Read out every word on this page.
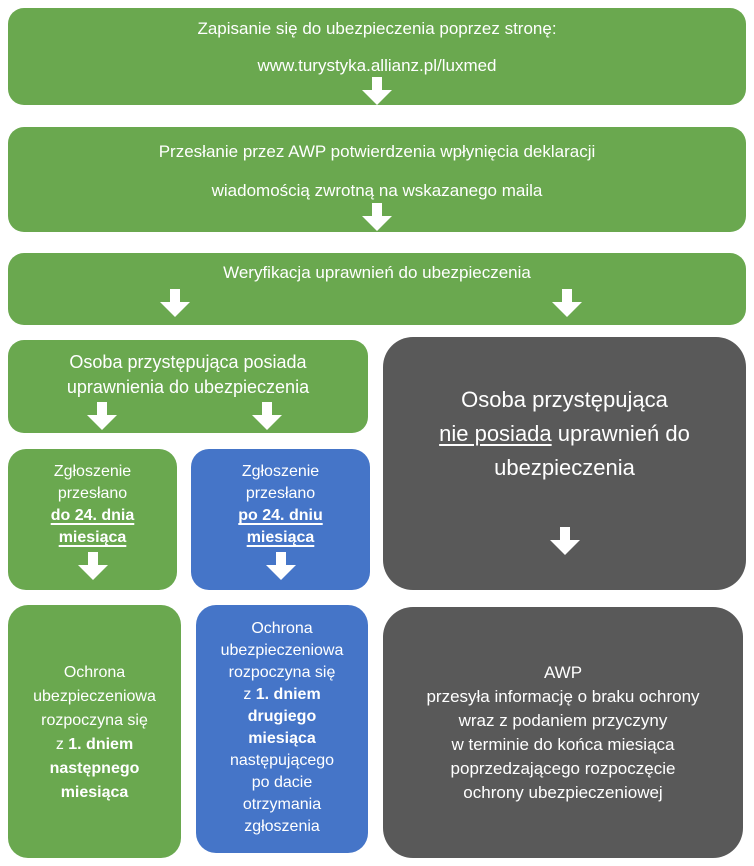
Zapisanie się do ubezpieczenia poprzez stronę:
www.turystyka.allianz.pl/luxmed
Przesłanie przez AWP potwierdzenia wpłynięcia deklaracji
wiadomością zwrotną na wskazanego maila
Weryfikacja uprawnień do ubezpieczenia
Osoba przystępująca posiada
uprawnienia do ubezpieczenia	Osoba przystępująca
nie posiada uprawnień do
ubezpieczenia
Zgłoszenie
przesłano
do 24. dnia
miesiąca
Zgłoszenie
przesłano
po 24. dniu
miesiąca
Ochrona
ubezpieczeniowa
rozpoczyna się
z 1. dniem
następnego
miesiąca
Ochrona
ubezpieczeniowa
rozpoczyna się
z 1. dniem
drugiego
miesiąca
następującego
po dacie
otrzymania
zgłoszenia
AWP
przesyła informację o braku ochrony
wraz z podaniem przyczyny
w terminie do końca miesiąca
poprzedzającego rozpoczęcie
ochrony ubezpieczeniowej
